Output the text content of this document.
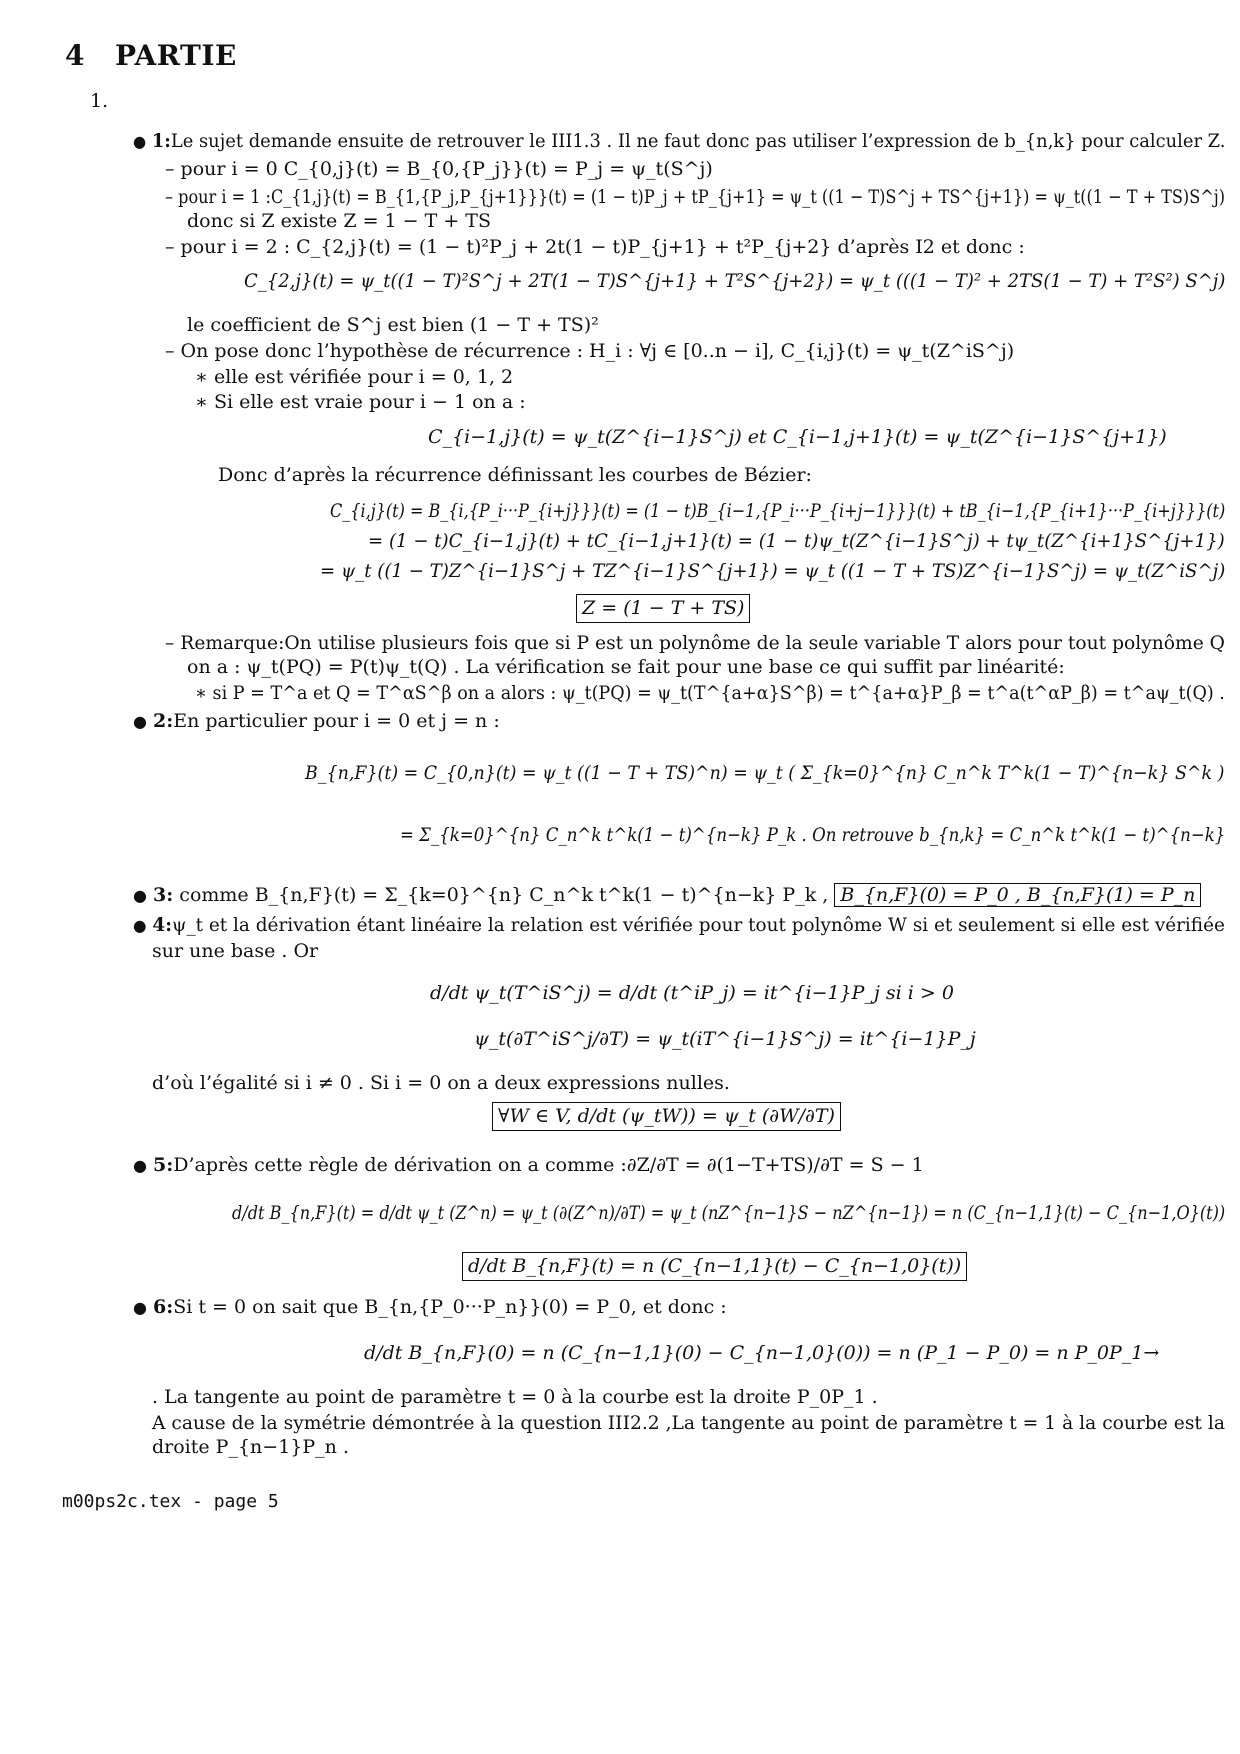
4 PARTIE
1.
● 1:Le sujet demande ensuite de retrouver le III1.3 . Il ne faut donc pas utiliser l’expression de b_{n,k} pour calculer Z.
– pour i = 0 C_{0,j}(t) = B_{0,{P_j}}(t) = P_j = ψ_t(S^j)
– pour i = 1 :C_{1,j}(t) = B_{1,{P_j,P_{j+1}}}(t) = (1 − t)P_j + tP_{j+1} = ψ_t ((1 − T)S^j + TS^{j+1}) = ψ_t((1 − T + TS)S^j)
donc si Z existe Z = 1 − T + TS
– pour i = 2 : C_{2,j}(t) = (1 − t)²P_j + 2t(1 − t)P_{j+1} + t²P_{j+2} d’après I2 et donc :
C_{2,j}(t) = ψ_t((1 − T)²S^j + 2T(1 − T)S^{j+1} + T²S^{j+2}) = ψ_t (((1 − T)² + 2TS(1 − T) + T²S²) S^j)
le coefficient de S^j est bien (1 − T + TS)²
– On pose donc l’hypothèse de récurrence : H_i : ∀j ∈ [0..n − i], C_{i,j}(t) = ψ_t(Z^iS^j)
∗ elle est vérifiée pour i = 0, 1, 2
∗ Si elle est vraie pour i − 1 on a :
C_{i−1,j}(t) = ψ_t(Z^{i−1}S^j) et C_{i−1,j+1}(t) = ψ_t(Z^{i−1}S^{j+1})
Donc d’après la récurrence définissant les courbes de Bézier:
C_{i,j}(t) = B_{i,{P_i···P_{i+j}}}(t) = (1 − t)B_{i−1,{P_i···P_{i+j−1}}}(t) + tB_{i−1,{P_{i+1}···P_{i+j}}}(t)
= (1 − t)C_{i−1,j}(t) + tC_{i−1,j+1}(t) = (1 − t)ψ_t(Z^{i−1}S^j) + tψ_t(Z^{i+1}S^{j+1})
= ψ_t ((1 − T)Z^{i−1}S^j + TZ^{i−1}S^{j+1}) = ψ_t ((1 − T + TS)Z^{i−1}S^j) = ψ_t(Z^iS^j)
Z = (1 − T + TS)
– Remarque:On utilise plusieurs fois que si P est un polynôme de la seule variable T alors pour tout polynôme Q
on a : ψ_t(PQ) = P(t)ψ_t(Q) . La vérification se fait pour une base ce qui suffit par linéarité:
∗ si P = T^a et Q = T^αS^β on a alors : ψ_t(PQ) = ψ_t(T^{a+α}S^β) = t^{a+α}P_β = t^a(t^αP_β) = t^aψ_t(Q) .
● 2:En particulier pour i = 0 et j = n :
B_{n,F}(t) = C_{0,n}(t) = ψ_t ((1 − T + TS)^n) = ψ_t ( Σ_{k=0}^{n} C_n^k T^k(1 − T)^{n−k} S^k )
= Σ_{k=0}^{n} C_n^k t^k(1 − t)^{n−k} P_k . On retrouve b_{n,k} = C_n^k t^k(1 − t)^{n−k}
● 3: comme B_{n,F}(t) = Σ_{k=0}^{n} C_n^k t^k(1 − t)^{n−k} P_k , B_{n,F}(0) = P_0 , B_{n,F}(1) = P_n
● 4:ψ_t et la dérivation étant linéaire la relation est vérifiée pour tout polynôme W si et seulement si elle est vérifiée
sur une base . Or
d/dt ψ_t(T^iS^j) = d/dt (t^iP_j) = it^{i−1}P_j si i > 0
ψ_t(∂T^iS^j/∂T) = ψ_t(iT^{i−1}S^j) = it^{i−1}P_j
d’où l’égalité si i ≠ 0 . Si i = 0 on a deux expressions nulles.
∀W ∈ V, d/dt (ψ_tW)) = ψ_t (∂W/∂T)
● 5:D’après cette règle de dérivation on a comme :∂Z/∂T = ∂(1−T+TS)/∂T = S − 1
d/dt B_{n,F}(t) = d/dt ψ_t (Z^n) = ψ_t (∂(Z^n)/∂T) = ψ_t (nZ^{n−1}S − nZ^{n−1}) = n (C_{n−1,1}(t) − C_{n−1,O}(t))
d/dt B_{n,F}(t) = n (C_{n−1,1}(t) − C_{n−1,0}(t))
● 6:Si t = 0 on sait que B_{n,{P_0···P_n}}(0) = P_0, et donc :
d/dt B_{n,F}(0) = n (C_{n−1,1}(0) − C_{n−1,0}(0)) = n (P_1 − P_0) = n P_0P_1→
. La tangente au point de paramètre t = 0 à la courbe est la droite P_0P_1 .
A cause de la symétrie démontrée à la question III2.2 ,La tangente au point de paramètre t = 1 à la courbe est la
droite P_{n−1}P_n .
m00ps2c.tex - page 5
